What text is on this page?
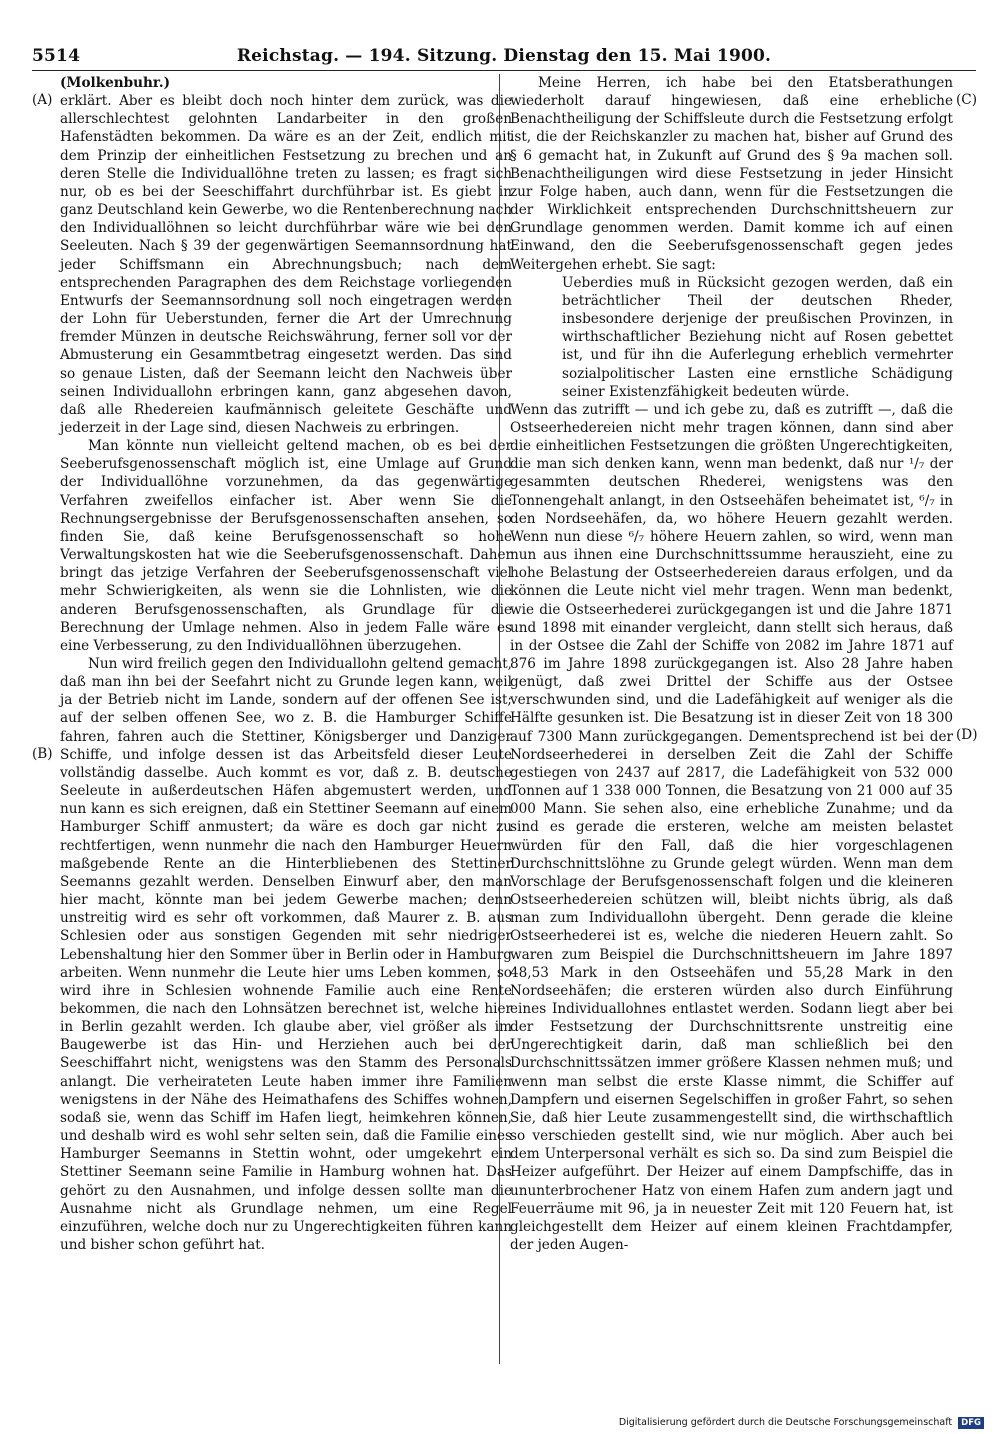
5514	Reichstag. — 194. Sitzung. Dienstag den 15. Mai 1900.
(A)
(B)
(C)
(D)

(Molkenbuhr.)

erklärt. Aber es bleibt doch noch hinter dem zurück, was die allerschlechtest gelohnten Landarbeiter in den großen Hafenstädten bekommen. Da wäre es an der Zeit, endlich mit dem Prinzip der einheitlichen Festsetzung zu brechen und an deren Stelle die Individuallöhne treten zu lassen; es fragt sich nur, ob es bei der Seeschiffahrt durchführbar ist. Es giebt in ganz Deutschland kein Gewerbe, wo die Rentenberechnung nach den Individuallöhnen so leicht durchführbar wäre wie bei den Seeleuten. Nach § 39 der gegenwärtigen Seemannsordnung hat jeder Schiffsmann ein Abrechnungsbuch; nach dem entsprechenden Paragraphen des dem Reichstage vorliegenden Entwurfs der Seemannsordnung soll noch eingetragen werden der Lohn für Ueberstunden, ferner die Art der Umrechnung fremder Münzen in deutsche Reichswährung, ferner soll vor der Abmusterung ein Gesammtbetrag eingesetzt werden. Das sind so genaue Listen, daß der Seemann leicht den Nachweis über seinen Individuallohn erbringen kann, ganz abgesehen davon, daß alle Rhedereien kaufmännisch geleitete Geschäfte und jederzeit in der Lage sind, diesen Nachweis zu erbringen.

Man könnte nun vielleicht geltend machen, ob es bei der Seeberufsgenossenschaft möglich ist, eine Umlage auf Grund der Individuallöhne vorzunehmen, da das gegenwärtige Verfahren zweifellos einfacher ist. Aber wenn Sie die Rechnungsergebnisse der Berufsgenossenschaften ansehen, so finden Sie, daß keine Berufsgenossenschaft so hohe Verwaltungskosten hat wie die Seeberufsgenossenschaft. Daher bringt das jetzige Verfahren der Seeberufsgenossenschaft viel mehr Schwierigkeiten, als wenn sie die Lohnlisten, wie die anderen Berufsgenossenschaften, als Grundlage für die Berechnung der Umlage nehmen. Also in jedem Falle wäre es eine Verbesserung, zu den Individuallöhnen überzugehen.

Nun wird freilich gegen den Individuallohn geltend gemacht, daß man ihn bei der Seefahrt nicht zu Grunde legen kann, weil ja der Betrieb nicht im Lande, sondern auf der offenen See ist; auf der selben offenen See, wo z. B. die Hamburger Schiffe fahren, fahren auch die Stettiner, Königsberger und Danziger Schiffe, und infolge dessen ist das Arbeitsfeld dieser Leute vollständig dasselbe. Auch kommt es vor, daß z. B. deutsche Seeleute in außerdeutschen Häfen abgemustert werden, und nun kann es sich ereignen, daß ein Stettiner Seemann auf einem Hamburger Schiff anmustert; da wäre es doch gar nicht zu rechtfertigen, wenn nunmehr die nach den Hamburger Heuern maßgebende Rente an die Hinterbliebenen des Stettiner Seemanns gezahlt werden. Denselben Einwurf aber, den man hier macht, könnte man bei jedem Gewerbe machen; denn unstreitig wird es sehr oft vorkommen, daß Maurer z. B. aus Schlesien oder aus sonstigen Gegenden mit sehr niedriger Lebenshaltung hier den Sommer über in Berlin oder in Hamburg arbeiten. Wenn nunmehr die Leute hier ums Leben kommen, so wird ihre in Schlesien wohnende Familie auch eine Rente bekommen, die nach den Lohnsätzen berechnet ist, welche hier in Berlin gezahlt werden. Ich glaube aber, viel größer als im Baugewerbe ist das Hin- und Herziehen auch bei der Seeschiffahrt nicht, wenigstens was den Stamm des Personals anlangt. Die verheirateten Leute haben immer ihre Familien wenigstens in der Nähe des Heimathafens des Schiffes wohnen, sodaß sie, wenn das Schiff im Hafen liegt, heimkehren können, und deshalb wird es wohl sehr selten sein, daß die Familie eines Hamburger Seemanns in Stettin wohnt, oder umgekehrt ein Stettiner Seemann seine Familie in Hamburg wohnen hat. Das gehört zu den Ausnahmen, und infolge dessen sollte man die Ausnahme nicht als Grundlage nehmen, um eine Regel einzuführen, welche doch nur zu Ungerechtigkeiten führen kann und bisher schon geführt hat.

Meine Herren, ich habe bei den Etatsberathungen wiederholt darauf hingewiesen, daß eine erhebliche Benachtheiligung der Schiffsleute durch die Festsetzung erfolgt ist, die der Reichskanzler zu machen hat, bisher auf Grund des § 6 gemacht hat, in Zukunft auf Grund des § 9a machen soll. Benachtheiligungen wird diese Festsetzung in jeder Hinsicht zur Folge haben, auch dann, wenn für die Festsetzungen die der Wirklichkeit entsprechenden Durchschnittsheuern zur Grundlage genommen werden. Damit komme ich auf einen Einwand, den die Seeberufsgenossenschaft gegen jedes Weitergehen erhebt. Sie sagt:

Ueberdies muß in Rücksicht gezogen werden, daß ein beträchtlicher Theil der deutschen Rheder, insbesondere derjenige der preußischen Provinzen, in wirthschaftlicher Beziehung nicht auf Rosen gebettet ist, und für ihn die Auferlegung erheblich vermehrter sozialpolitischer Lasten eine ernstliche Schädigung seiner Existenzfähigkeit bedeuten würde.

Wenn das zutrifft — und ich gebe zu, daß es zutrifft —, daß die Ostseerhedereien nicht mehr tragen können, dann sind aber die einheitlichen Festsetzungen die größten Ungerechtigkeiten, die man sich denken kann, wenn man bedenkt, daß nur ¹/₇ der gesammten deutschen Rhederei, wenigstens was den Tonnengehalt anlangt, in den Ostseehäfen beheimatet ist, ⁶/₇ in den Nordseehäfen, da, wo höhere Heuern gezahlt werden. Wenn nun diese ⁶/₇ höhere Heuern zahlen, so wird, wenn man nun aus ihnen eine Durchschnittssumme herauszieht, eine zu hohe Belastung der Ostseerhedereien daraus erfolgen, und da können die Leute nicht viel mehr tragen. Wenn man bedenkt, wie die Ostseerhederei zurückgegangen ist und die Jahre 1871 und 1898 mit einander vergleicht, dann stellt sich heraus, daß in der Ostsee die Zahl der Schiffe von 2082 im Jahre 1871 auf 876 im Jahre 1898 zurückgegangen ist. Also 28 Jahre haben genügt, daß zwei Drittel der Schiffe aus der Ostsee verschwunden sind, und die Ladefähigkeit auf weniger als die Hälfte gesunken ist. Die Besatzung ist in dieser Zeit von 18 300 auf 7300 Mann zurückgegangen. Dementsprechend ist bei der Nordseerhederei in derselben Zeit die Zahl der Schiffe gestiegen von 2437 auf 2817, die Ladefähigkeit von 532 000 Tonnen auf 1 338 000 Tonnen, die Besatzung von 21 000 auf 35 000 Mann. Sie sehen also, eine erhebliche Zunahme; und da sind es gerade die ersteren, welche am meisten belastet würden für den Fall, daß die hier vorgeschlagenen Durchschnittslöhne zu Grunde gelegt würden. Wenn man dem Vorschlage der Berufsgenossenschaft folgen und die kleineren Ostseerhedereien schützen will, bleibt nichts übrig, als daß man zum Individuallohn übergeht. Denn gerade die kleine Ostseerhederei ist es, welche die niederen Heuern zahlt. So waren zum Beispiel die Durchschnittsheuern im Jahre 1897 48,53 Mark in den Ostseehäfen und 55,28 Mark in den Nordseehäfen; die ersteren würden also durch Einführung eines Individuallohnes entlastet werden. Sodann liegt aber bei der Festsetzung der Durchschnittsrente unstreitig eine Ungerechtigkeit darin, daß man schließlich bei den Durchschnittssätzen immer größere Klassen nehmen muß; und wenn man selbst die erste Klasse nimmt, die Schiffer auf Dampfern und eisernen Segelschiffen in großer Fahrt, so sehen Sie, daß hier Leute zusammengestellt sind, die wirthschaftlich so verschieden gestellt sind, wie nur möglich. Aber auch bei dem Unterpersonal verhält es sich so. Da sind zum Beispiel die Heizer aufgeführt. Der Heizer auf einem Dampfschiffe, das in ununterbrochener Hatz von einem Hafen zum andern jagt und Feuerräume mit 96, ja in neuester Zeit mit 120 Feuern hat, ist gleichgestellt dem Heizer auf einem kleinen Frachtdampfer, der jeden Augen-

Digitalisierung gefördert durch die Deutsche Forschungsgemeinschaft DFG
